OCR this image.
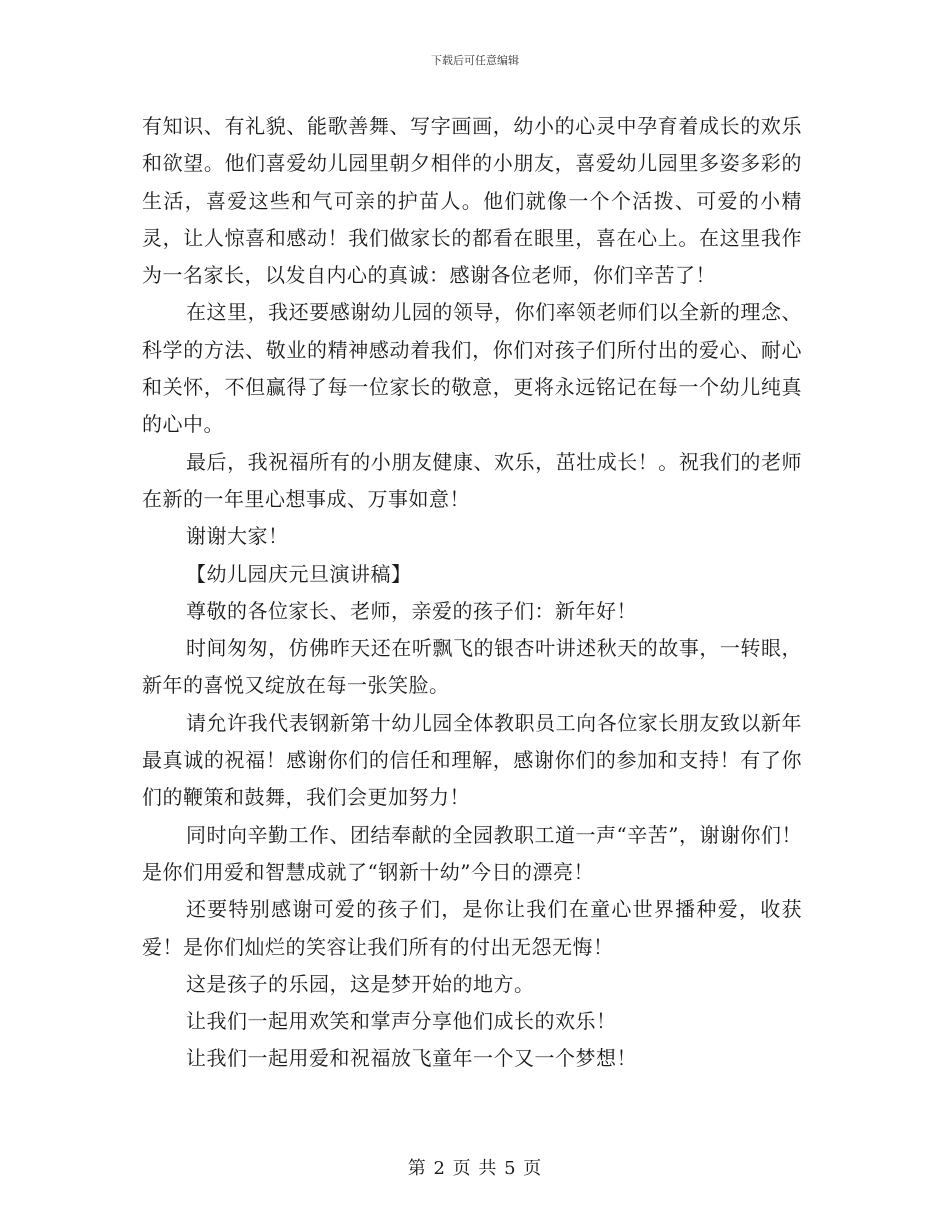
下载后可任意编辑

有知识、有礼貌、能歌善舞、写字画画，幼小的心灵中孕育着成长的欢乐和欲望。他们喜爱幼儿园里朝夕相伴的小朋友，喜爱幼儿园里多姿多彩的生活，喜爱这些和气可亲的护苗人。他们就像一个个活拨、可爱的小精灵，让人惊喜和感动！我们做家长的都看在眼里，喜在心上。在这里我作为一名家长，以发自内心的真诚：感谢各位老师，你们辛苦了！

在这里，我还要感谢幼儿园的领导，你们率领老师们以全新的理念、科学的方法、敬业的精神感动着我们，你们对孩子们所付出的爱心、耐心和关怀，不但赢得了每一位家长的敬意，更将永远铭记在每一个幼儿纯真的心中。

最后，我祝福所有的小朋友健康、欢乐，茁壮成长！。祝我们的老师在新的一年里心想事成、万事如意！

谢谢大家！

【幼儿园庆元旦演讲稿】

尊敬的各位家长、老师，亲爱的孩子们：新年好！

时间匆匆，仿佛昨天还在听飘飞的银杏叶讲述秋天的故事，一转眼，新年的喜悦又绽放在每一张笑脸。

请允许我代表钢新第十幼儿园全体教职员工向各位家长朋友致以新年最真诚的祝福！感谢你们的信任和理解，感谢你们的参加和支持！有了你们的鞭策和鼓舞，我们会更加努力！

同时向辛勤工作、团结奉献的全园教职工道一声“辛苦”，谢谢你们！是你们用爱和智慧成就了“钢新十幼”今日的漂亮！

还要特别感谢可爱的孩子们，是你让我们在童心世界播种爱，收获爱！是你们灿烂的笑容让我们所有的付出无怨无悔！

这是孩子的乐园，这是梦开始的地方。

让我们一起用欢笑和掌声分享他们成长的欢乐！

让我们一起用爱和祝福放飞童年一个又一个梦想！

第 2 页 共 5 页
